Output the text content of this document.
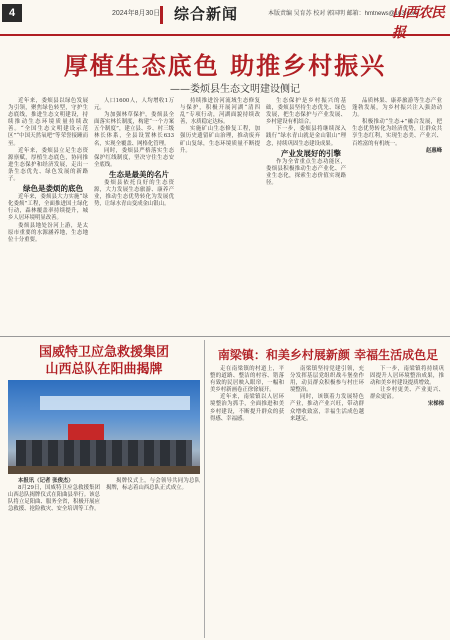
4	2024年8月30日 综合新闻	本版责编 吴育苏 校对 郭国明 邮箱：hmtnews@163.com
山西农民报
厚植生态底色 助推乡村振兴
——娄烦县生态文明建设侧记

近年来，娄烦县以绿色发展为引领，聚焦绿色转型，守护生态底线，推进生态文明建设，持续推动生态环境质量持续改善。“全国生态文明建设示范区”“中国天然氧吧”等荣誉接踵而至。

近年来，娄烦县立足生态资源禀赋，厚植生态底色，协同推进生态保护和经济发展，走出一条生态优先、绿色发展的新路子。

绿色是娄烦的底色

近年来，娄烦县大力实施“绿化娄烦”工程，全面推进国土绿化行动，森林覆盖率持续提升，城乡人居环境明显改善。

娄烦县地处汾河上游，是太原市重要的水源涵养地，生态地位十分重要。

人口1600人，人均增收1万元。

为加强林草保护，娄烦县全面落实林长制度，构建“一个方案五个制度”，建立县、乡、村三级林长体系，全县设置林长633名，实现全覆盖、网格化管理。

同时，娄烦县严格落实生态保护红线制度，坚决守住生态安全底线。

生态是最美的名片

娄烦县依托良好的生态资源，大力发展生态旅游、康养产业，推动生态优势转化为发展优势，让绿水青山变成金山银山。

持续推进汾河流域生态修复与保护，积极开展河湖“清四乱”专项行动，河湖面貌持续改善，水质稳定达标。

实施矿山生态修复工程，加强历史遗留矿山治理，推动废弃矿山复绿，生态环境质量不断提升。

生态保护是乡村振兴的基础，娄烦县坚持生态优先、绿色发展，把生态保护与产业发展、乡村建设有机结合。

下一步，娄烦县将继续深入践行“绿水青山就是金山银山”理念，持续巩固生态建设成果。

产业发展好的引擎

作为全省重点生态功能区，娄烦县积极推动生态产业化、产业生态化，探索生态价值实现路径。

品质林果、康养旅游等生态产业蓬勃发展，为乡村振兴注入强劲动力。

积极推动“生态+”融合发展，把生态优势转化为经济优势，让群众共享生态红利，实现生态美、产业兴、百姓富的有机统一。

赵惠峰

国威特卫应急救援集团
山西总队在阳曲揭牌

本报讯（记者 张俊杰）

8月29日，国威特卫应急救援集团山西总队揭牌仪式在阳曲县举行。该总队将立足阳曲、服务全省，积极开展应急救援、抢险救灾、安全培训等工作。

揭牌仪式上，与会领导共同为总队揭牌，标志着山西总队正式成立。

南梁镇：和美乡村展新颜 幸福生活成色足

走在南梁镇的村道上，平整的道路、整洁的村容、错落有致的民居映入眼帘，一幅和美乡村新画卷正徐徐展开。

近年来，南梁镇以人居环境整治为抓手，全面推进和美乡村建设，不断提升群众的获得感、幸福感。

南梁镇坚持党建引领，充分发挥基层党组织战斗堡垒作用，动员群众积极参与村庄环境整治。

同时，该镇着力发展特色产业，推动产业兴旺，带动群众增收致富，幸福生活成色越来越足。

下一步，南梁镇将持续巩固提升人居环境整治成果，推动和美乡村建设提质增效。

让乡村更美、产业更兴、群众更富。

宋梯梯
